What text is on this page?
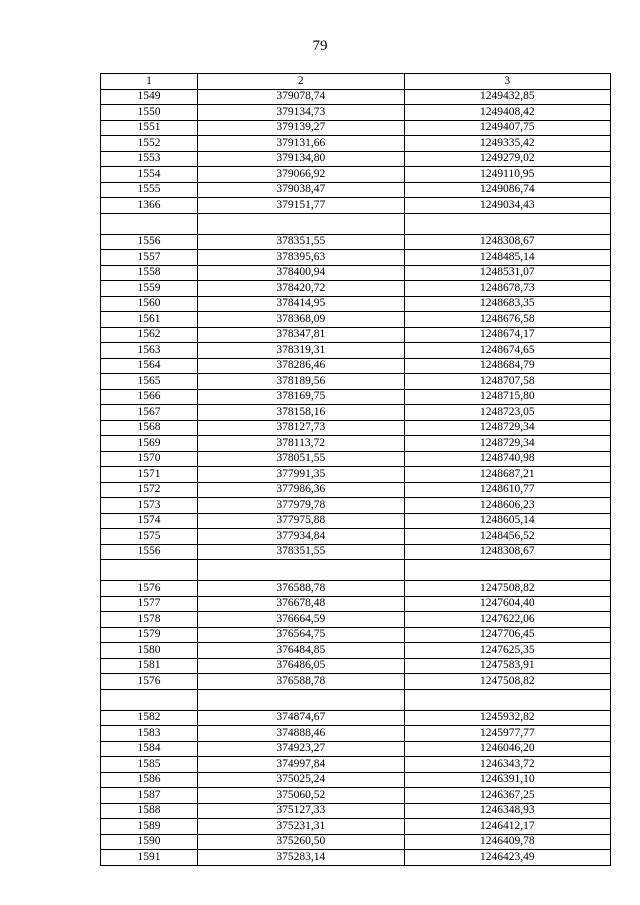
79
1	2	3
1549	379078,74	1249432,85
1550	379134,73	1249408,42
1551	379139,27	1249407,75
1552	379131,66	1249335,42
1553	379134,80	1249279,02
1554	379066,92	1249110,95
1555	379038,47	1249086,74
1366	379151,77	1249034,43

1556	378351,55	1248308,67
1557	378395,63	1248485,14
1558	378400,94	1248531,07
1559	378420,72	1248678,73
1560	378414,95	1248683,35
1561	378368,09	1248676,58
1562	378347,81	1248674,17
1563	378319,31	1248674,65
1564	378286,46	1248684,79
1565	378189,56	1248707,58
1566	378169,75	1248715,80
1567	378158,16	1248723,05
1568	378127,73	1248729,34
1569	378113,72	1248729,34
1570	378051,55	1248740,98
1571	377991,35	1248687,21
1572	377986,36	1248610,77
1573	377979,78	1248606,23
1574	377975,88	1248605,14
1575	377934,84	1248456,52
1556	378351,55	1248308,67

1576	376588,78	1247508,82
1577	376678,48	1247604,40
1578	376664,59	1247622,06
1579	376564,75	1247706,45
1580	376484,85	1247625,35
1581	376486,05	1247583,91
1576	376588,78	1247508,82

1582	374874,67	1245932,82
1583	374888,46	1245977,77
1584	374923,27	1246046,20
1585	374997,84	1246343,72
1586	375025,24	1246391,10
1587	375060,52	1246367,25
1588	375127,33	1246348,93
1589	375231,31	1246412,17
1590	375260,50	1246409,78
1591	375283,14	1246423,49
